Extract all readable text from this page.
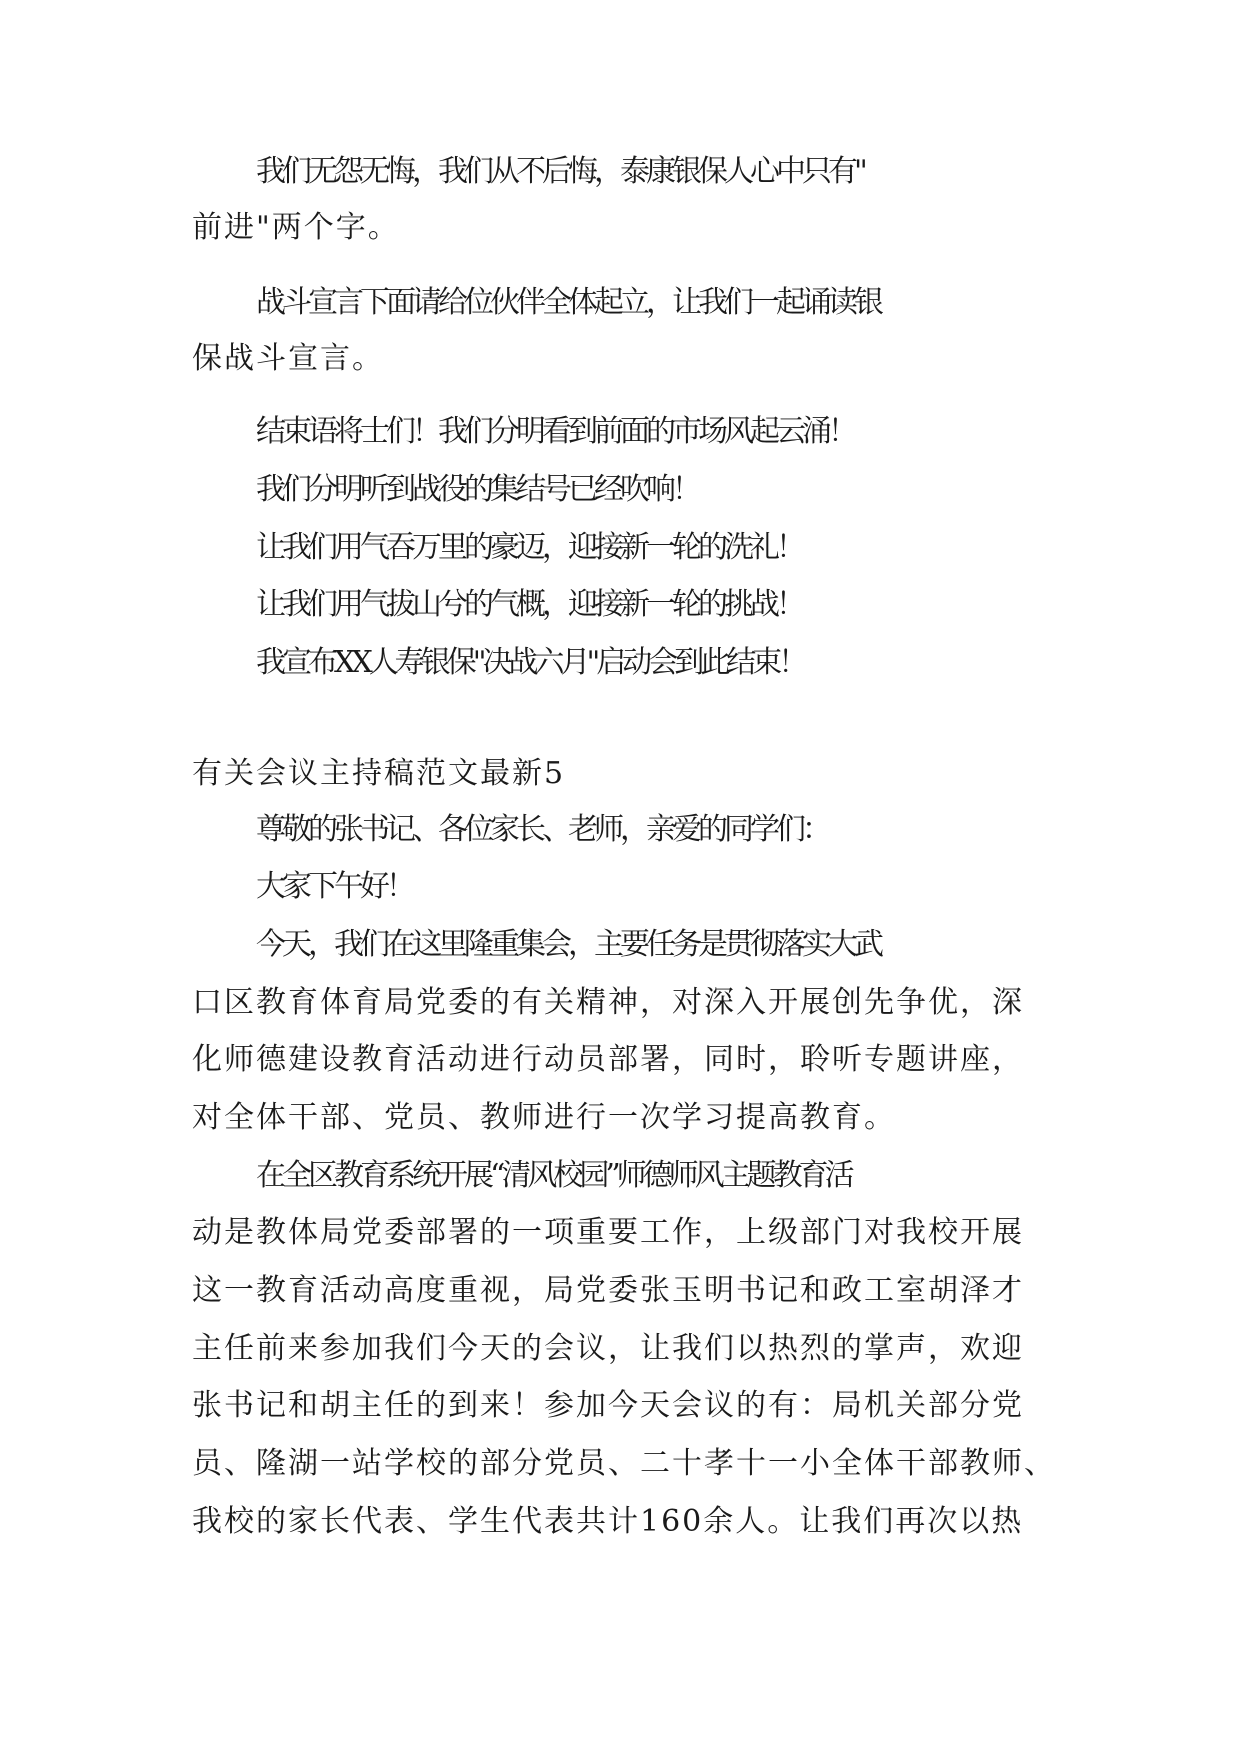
我们无怨无悔，我们从不后悔，泰康银保人心中只有"
前进"两个字。
战斗宣言下面请给位伙伴全体起立，让我们一起诵读银
保战斗宣言。
结束语将士们！我们分明看到前面的市场风起云涌！
我们分明听到战役的集结号已经吹响！
让我们用气吞万里的豪迈，迎接新一轮的洗礼！
让我们用气拔山兮的气概，迎接新一轮的挑战！
我宣布XX人寿银保"决战六月"启动会到此结束！
有关会议主持稿范文最新5
尊敬的张书记、各位家长、老师，亲爱的同学们：
大家下午好！
今天，我们在这里隆重集会，主要任务是贯彻落实大武
口区教育体育局党委的有关精神，对深入开展创先争优，深
化师德建设教育活动进行动员部署，同时，聆听专题讲座，
对全体干部、党员、教师进行一次学习提高教育。
在全区教育系统开展“清风校园”师德师风主题教育活
动是教体局党委部署的一项重要工作，上级部门对我校开展
这一教育活动高度重视，局党委张玉明书记和政工室胡泽才
主任前来参加我们今天的会议，让我们以热烈的掌声，欢迎
张书记和胡主任的到来！参加今天会议的有：局机关部分党
员、隆湖一站学校的部分党员、二十孝十一小全体干部教师、
我校的家长代表、学生代表共计160余人。让我们再次以热
